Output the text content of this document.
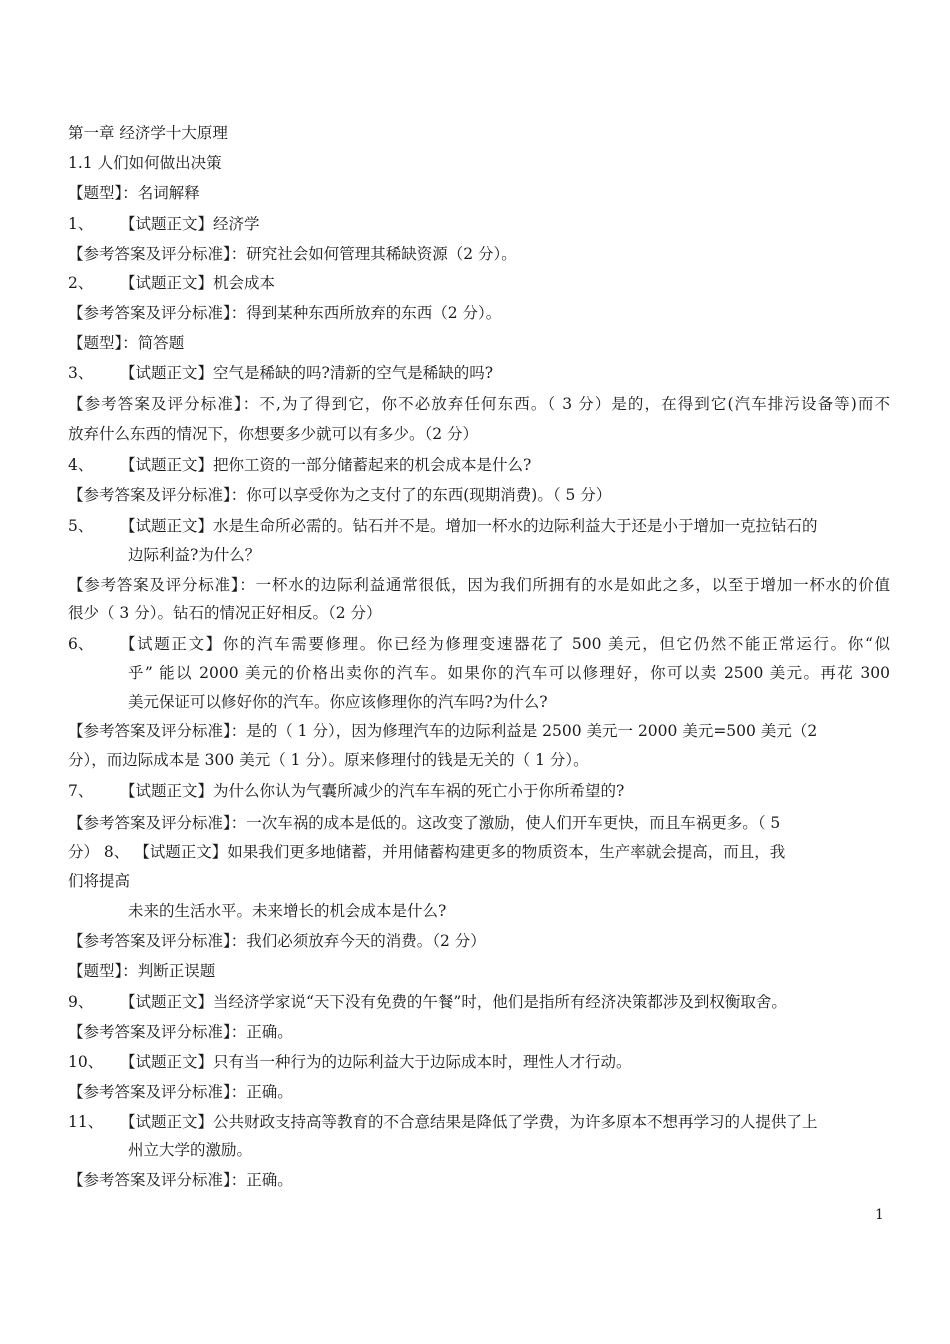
第一章 经济学十大原理
1.1 人们如何做出决策
【题型】：名词解释
1、 【试题正文】经济学
【参考答案及评分标准】：研究社会如何管理其稀缺资源（2 分）。
2、 【试题正文】机会成本
【参考答案及评分标准】：得到某种东西所放弃的东西（2 分）。
【题型】：简答题
3、 【试题正文】空气是稀缺的吗?清新的空气是稀缺的吗?
【参考答案及评分标准】：不,为了得到它，你不必放弃任何东西。（ 3 分）是的，在得到它(汽车排污设备等)而不
放弃什么东西的情况下，你想要多少就可以有多少。（2 分）
4、 【试题正文】把你工资的一部分储蓄起来的机会成本是什么?
【参考答案及评分标准】：你可以享受你为之支付了的东西(现期消费)。（ 5 分）
5、 【试题正文】水是生命所必需的。钻石并不是。增加一杯水的边际利益大于还是小于增加一克拉钻石的
边际利益?为什么？
【参考答案及评分标准】：一杯水的边际利益通常很低，因为我们所拥有的水是如此之多，以至于增加一杯水的价值
很少（ 3 分）。钻石的情况正好相反。（2 分）
6、 【试题正文】你的汽车需要修理。你已经为修理变速器花了 500 美元，但它仍然不能正常运行。你“似
乎” 能以 2000 美元的价格出卖你的汽车。如果你的汽车可以修理好，你可以卖 2500 美元。再花 300
美元保证可以修好你的汽车。你应该修理你的汽车吗?为什么?
【参考答案及评分标准】：是的（ 1 分），因为修理汽车的边际利益是 2500 美元一 2000 美元=500 美元（2
分），而边际成本是 300 美元（ 1 分）。原来修理付的钱是无关的（ 1 分）。
7、 【试题正文】为什么你认为气囊所减少的汽车车祸的死亡小于你所希望的?
【参考答案及评分标准】：一次车祸的成本是低的。这改变了激励，使人们开车更快，而且车祸更多。（ 5
分） 8、 【试题正文】如果我们更多地储蓄，并用储蓄构建更多的物质资本，生产率就会提高，而且，我
们将提高
未来的生活水平。未来增长的机会成本是什么?
【参考答案及评分标准】：我们必须放弃今天的消费。（2 分）
【题型】：判断正误题
9、 【试题正文】当经济学家说“天下没有免费的午餐”时，他们是指所有经济决策都涉及到权衡取舍。
【参考答案及评分标准】：正确。
10、 【试题正文】只有当一种行为的边际利益大于边际成本时，理性人才行动。
【参考答案及评分标准】：正确。
11、 【试题正文】公共财政支持高等教育的不合意结果是降低了学费，为许多原本不想再学习的人提供了上
州立大学的激励。
【参考答案及评分标准】：正确。
1
